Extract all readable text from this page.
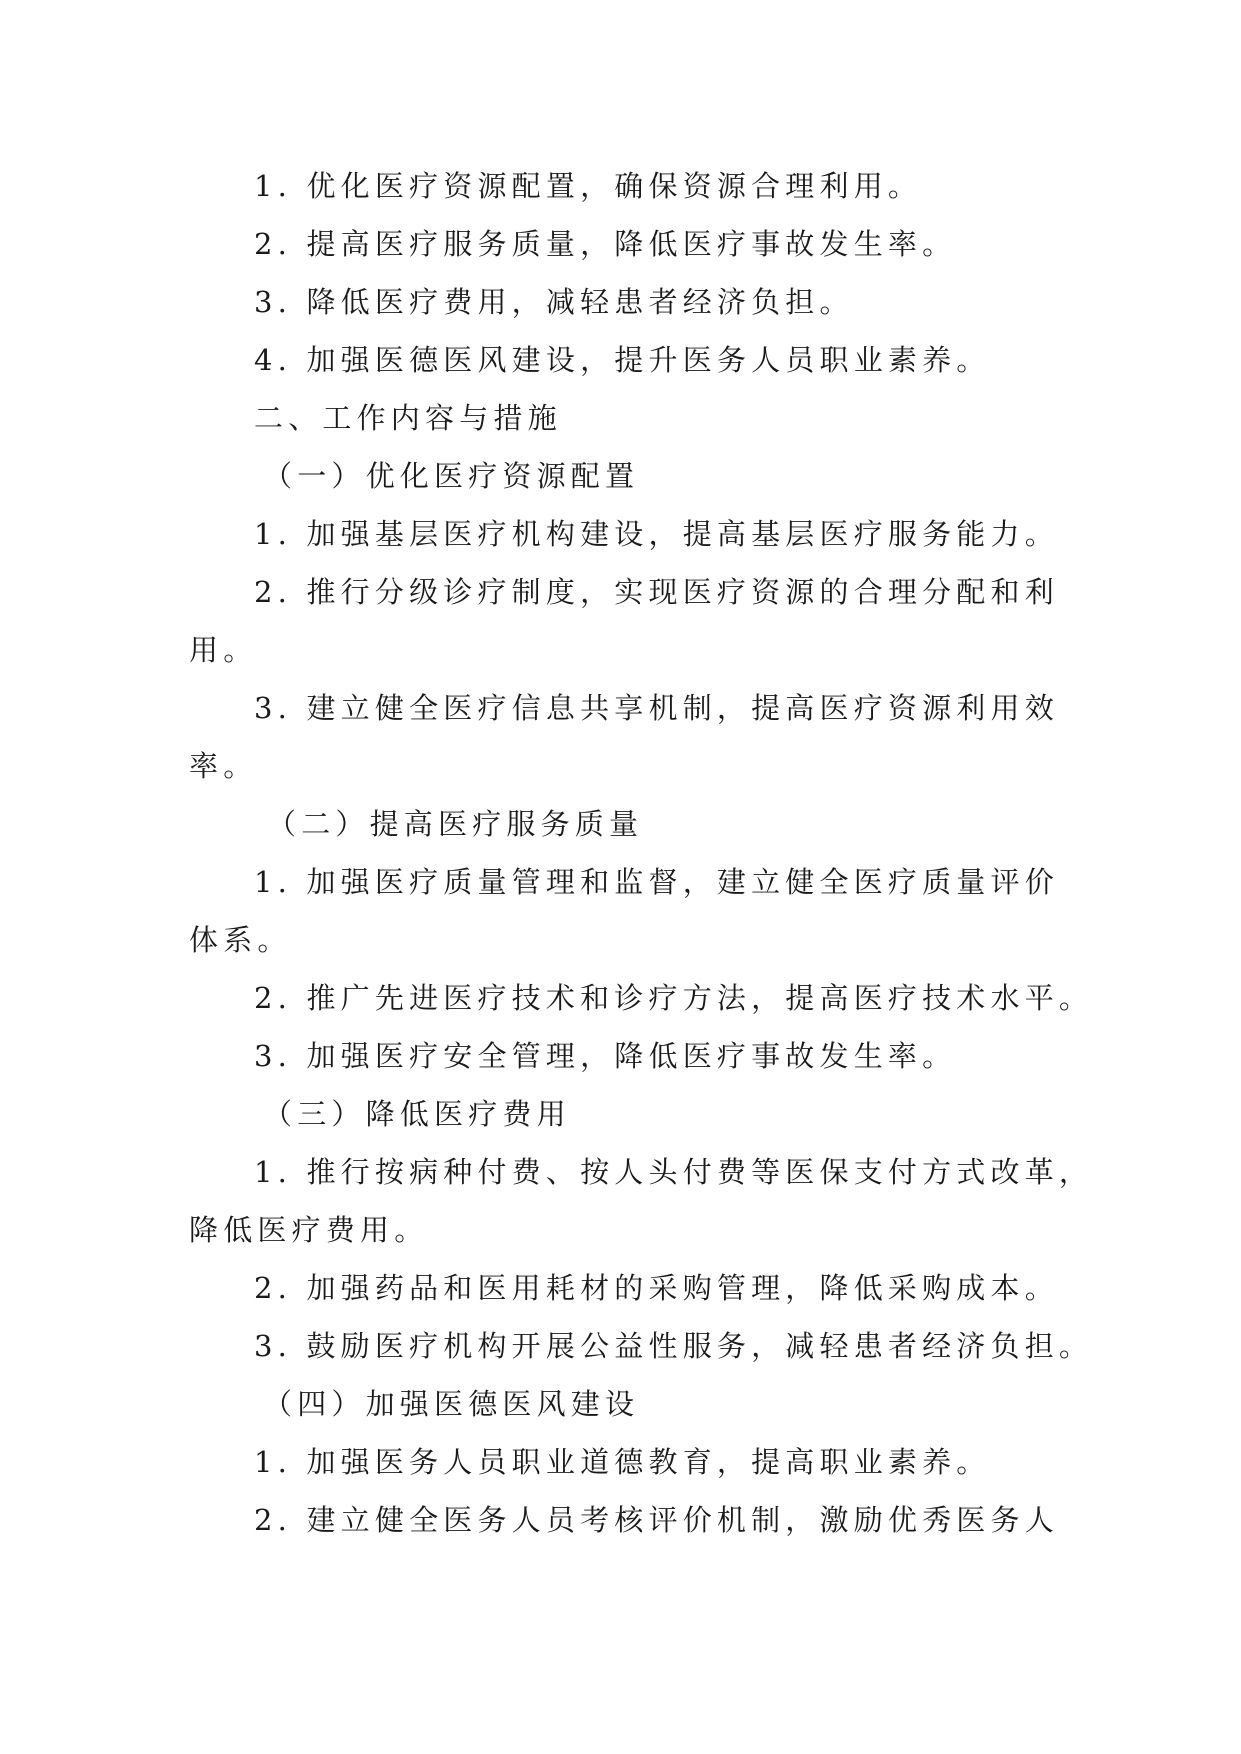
1. 优化医疗资源配置，确保资源合理利用。
2. 提高医疗服务质量，降低医疗事故发生率。
3. 降低医疗费用，减轻患者经济负担。
4. 加强医德医风建设，提升医务人员职业素养。
二、工作内容与措施
（一）优化医疗资源配置
1. 加强基层医疗机构建设，提高基层医疗服务能力。
2. 推行分级诊疗制度，实现医疗资源的合理分配和利
用。
3. 建立健全医疗信息共享机制，提高医疗资源利用效
率。
（二）提高医疗服务质量
1. 加强医疗质量管理和监督，建立健全医疗质量评价
体系。
2. 推广先进医疗技术和诊疗方法，提高医疗技术水平。
3. 加强医疗安全管理，降低医疗事故发生率。
（三）降低医疗费用
1. 推行按病种付费、按人头付费等医保支付方式改革，
降低医疗费用。
2. 加强药品和医用耗材的采购管理，降低采购成本。
3. 鼓励医疗机构开展公益性服务，减轻患者经济负担。
（四）加强医德医风建设
1. 加强医务人员职业道德教育，提高职业素养。
2. 建立健全医务人员考核评价机制，激励优秀医务人
